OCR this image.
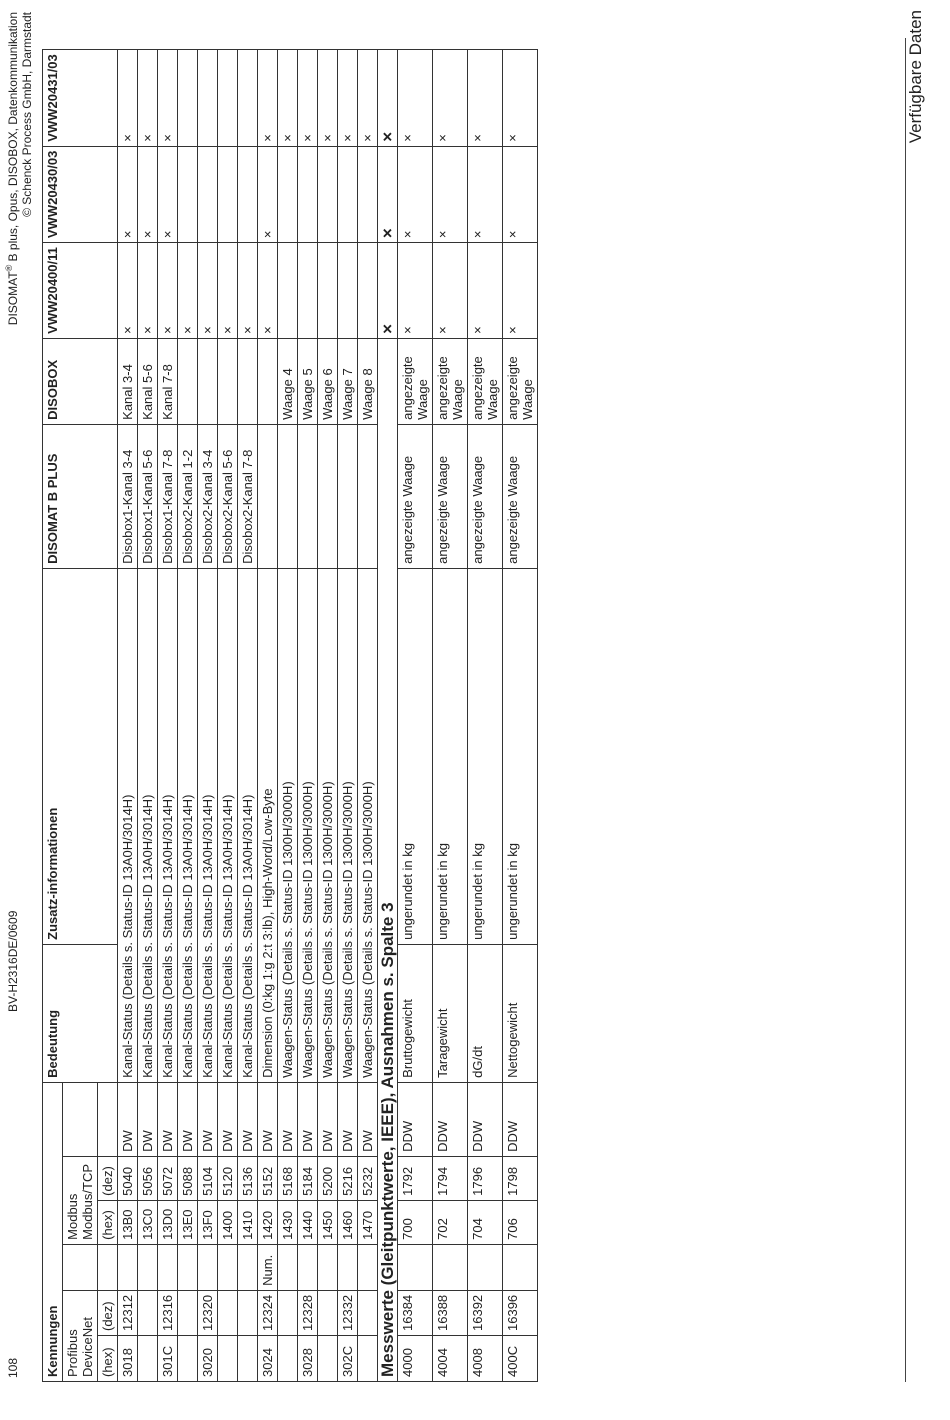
Verfügbare Daten
108
BV-H2316DE/0609
DISOMAT® B plus, Opus, DISOBOX, Datenkommunikation © Schenck Process GmbH, Darmstadt
Kennungen						Bedeutung	Zusatz-informationen	DISOMAT B PLUS	DISOBOX	VWW20400/11	VWW20430/03	VWW20431/03
Profibus DeviceNet			Modbus Modbus/TCP									
(hex)	(dez)		(hex)	(dez)								
3018	12312		13B0	5040	DW	Kanal-Status (Details s. Status-ID 13A0H/3014H)		Disobox1-Kanal 3-4	Kanal 3-4	×	×	×
			13C0	5056	DW	Kanal-Status (Details s. Status-ID 13A0H/3014H)		Disobox1-Kanal 5-6	Kanal 5-6	×	×	×
301C	12316		13D0	5072	DW	Kanal-Status (Details s. Status-ID 13A0H/3014H)		Disobox1-Kanal 7-8	Kanal 7-8	×	×	×
			13E0	5088	DW	Kanal-Status (Details s. Status-ID 13A0H/3014H)		Disobox2-Kanal 1-2		×		
3020	12320		13F0	5104	DW	Kanal-Status (Details s. Status-ID 13A0H/3014H)		Disobox2-Kanal 3-4		×		
			1400	5120	DW	Kanal-Status (Details s. Status-ID 13A0H/3014H)		Disobox2-Kanal 5-6		×		
			1410	5136	DW	Kanal-Status (Details s. Status-ID 13A0H/3014H)		Disobox2-Kanal 7-8		×		
3024	12324	Num.	1420	5152	DW	Dimension (0:kg 1:g 2:t 3:lb), High-Word/Low-Byte				×	×	×
			1430	5168	DW	Waagen-Status (Details s. Status-ID 1300H/3000H)			Waage 4			×
3028	12328		1440	5184	DW	Waagen-Status (Details s. Status-ID 1300H/3000H)			Waage 5			×
			1450	5200	DW	Waagen-Status (Details s. Status-ID 1300H/3000H)			Waage 6			×
302C	12332		1460	5216	DW	Waagen-Status (Details s. Status-ID 1300H/3000H)			Waage 7			×
			1470	5232	DW	Waagen-Status (Details s. Status-ID 1300H/3000H)			Waage 8			×
Messwerte (Gleitpunktwerte, IEEE), Ausnahmen s. Spalte 3										×	×	×
4000	16384		700	1792	DDW	Bruttogewicht	ungerundet in kg	angezeigte Waage	angezeigte Waage	×	×	×
4004	16388		702	1794	DDW	Taragewicht	ungerundet in kg	angezeigte Waage	angezeigte Waage	×	×	×
4008	16392		704	1796	DDW	dG/dt	ungerundet in kg	angezeigte Waage	angezeigte Waage	×	×	×
400C	16396		706	1798	DDW	Nettogewicht	ungerundet in kg	angezeigte Waage	angezeigte Waage	×	×	×
